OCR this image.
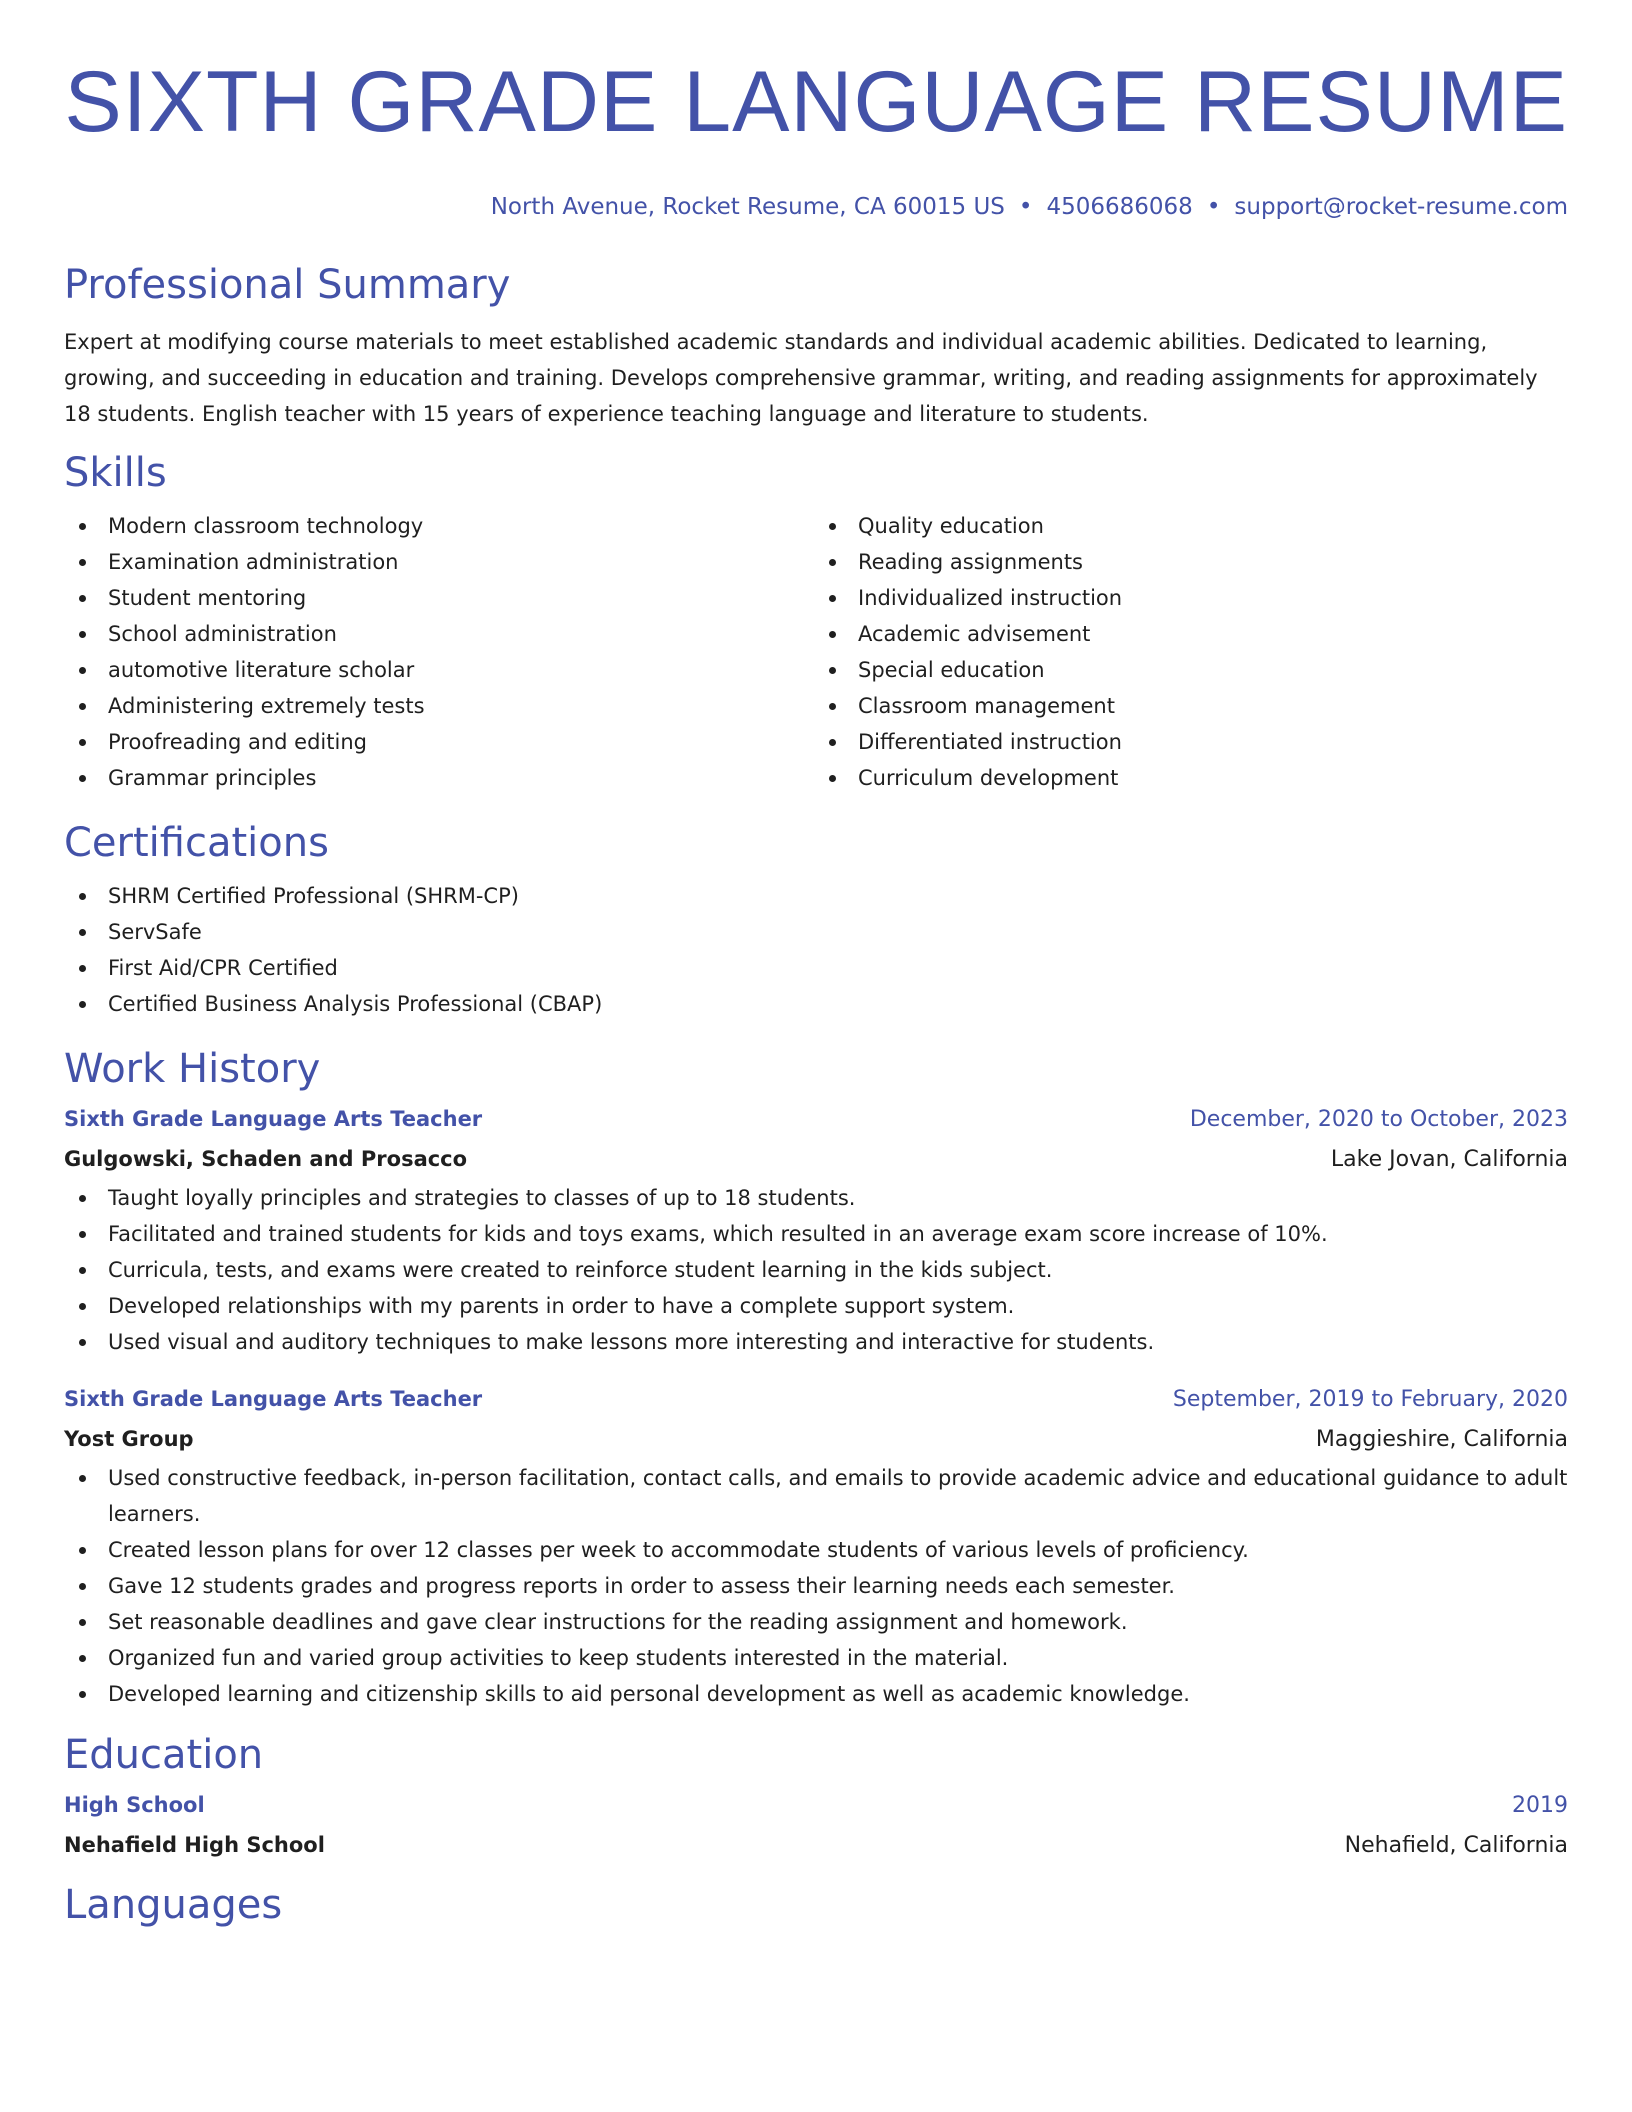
SIXTH GRADE LANGUAGE RESUME
North Avenue, Rocket Resume, CA 60015 US • 4506686068 • support@rocket-resume.com
Professional Summary

Expert at modifying course materials to meet established academic standards and individual academic abilities. Dedicated to learning, growing, and succeeding in education and training. Develops comprehensive grammar, writing, and reading assignments for approximately 18 students. English teacher with 15 years of experience teaching language and literature to students.

Skills
Modern classroom technology
Examination administration
Student mentoring
School administration
automotive literature scholar
Administering extremely tests
Proofreading and editing
Grammar principles
Quality education
Reading assignments
Individualized instruction
Academic advisement
Special education
Classroom management
Differentiated instruction
Curriculum development
Certifications
SHRM Certified Professional (SHRM-CP)
ServSafe
First Aid/CPR Certified
Certified Business Analysis Professional (CBAP)
Work History
Sixth Grade Language Arts Teacher	December, 2020 to October, 2023
Gulgowski, Schaden and Prosacco	Lake Jovan, California
Taught loyally principles and strategies to classes of up to 18 students.
Facilitated and trained students for kids and toys exams, which resulted in an average exam score increase of 10%.
Curricula, tests, and exams were created to reinforce student learning in the kids subject.
Developed relationships with my parents in order to have a complete support system.
Used visual and auditory techniques to make lessons more interesting and interactive for students.
Sixth Grade Language Arts Teacher	September, 2019 to February, 2020
Yost Group	Maggieshire, California
Used constructive feedback, in-person facilitation, contact calls, and emails to provide academic advice and educational guidance to adult learners.
Created lesson plans for over 12 classes per week to accommodate students of various levels of proficiency.
Gave 12 students grades and progress reports in order to assess their learning needs each semester.
Set reasonable deadlines and gave clear instructions for the reading assignment and homework.
Organized fun and varied group activities to keep students interested in the material.
Developed learning and citizenship skills to aid personal development as well as academic knowledge.
Education
High School	2019
Nehafield High School	Nehafield, California
Languages
